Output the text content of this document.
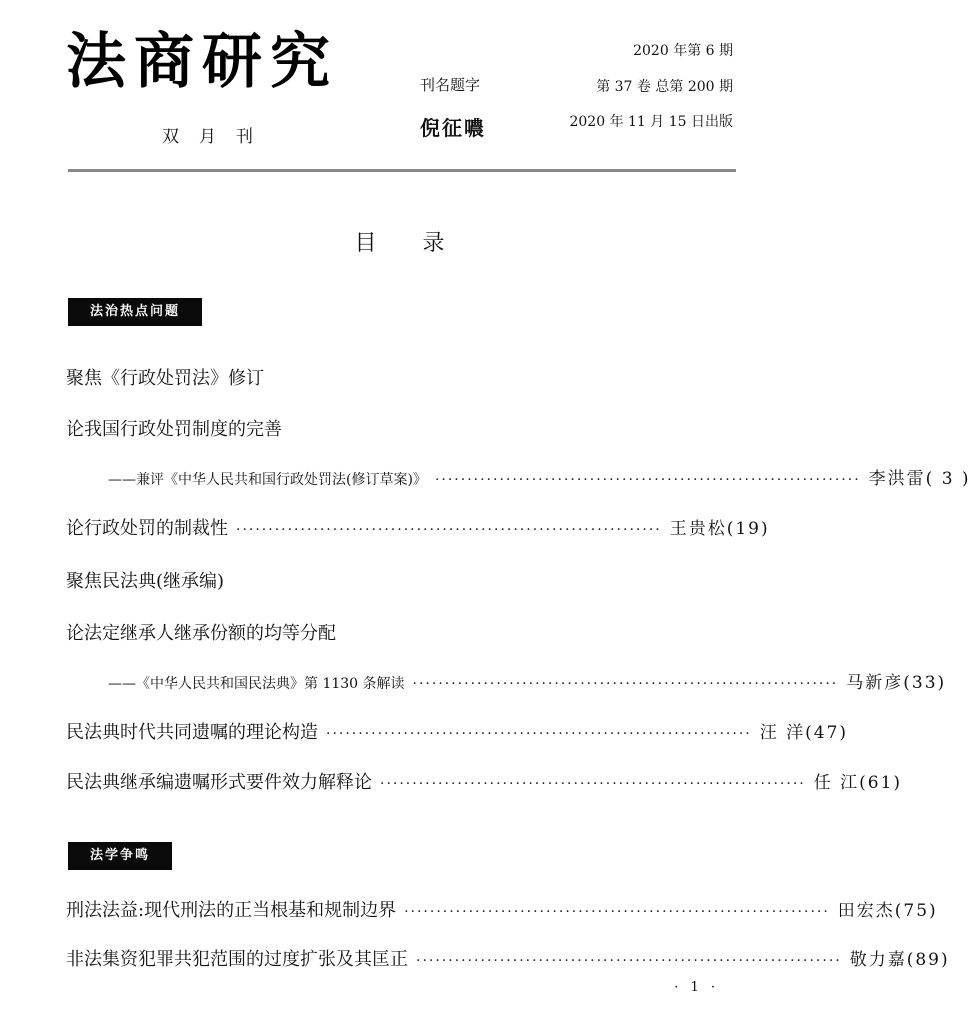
法商研究
双月刊
刊名题字
倪征噥
2020 年第 6 期
第 37 卷 总第 200 期
2020 年 11 月 15 日出版
目录
法治热点问题
聚焦《行政处罚法》修订
论我国行政处罚制度的完善
——兼评《中华人民共和国行政处罚法(修订草案)》 ·································································· 李洪雷( 3 )
论行政处罚的制裁性 ·································································· 王贵松(19)
聚焦民法典(继承编)
论法定继承人继承份额的均等分配
——《中华人民共和国民法典》第 1130 条解读 ·································································· 马新彦(33)
民法典时代共同遗嘱的理论构造 ·································································· 汪 洋(47)
民法典继承编遗嘱形式要件效力解释论 ·································································· 任 江(61)
法学争鸣
刑法法益:现代刑法的正当根基和规制边界 ·································································· 田宏杰(75)
非法集资犯罪共犯范围的过度扩张及其匡正 ·································································· 敬力嘉(89)
· 1 ·
